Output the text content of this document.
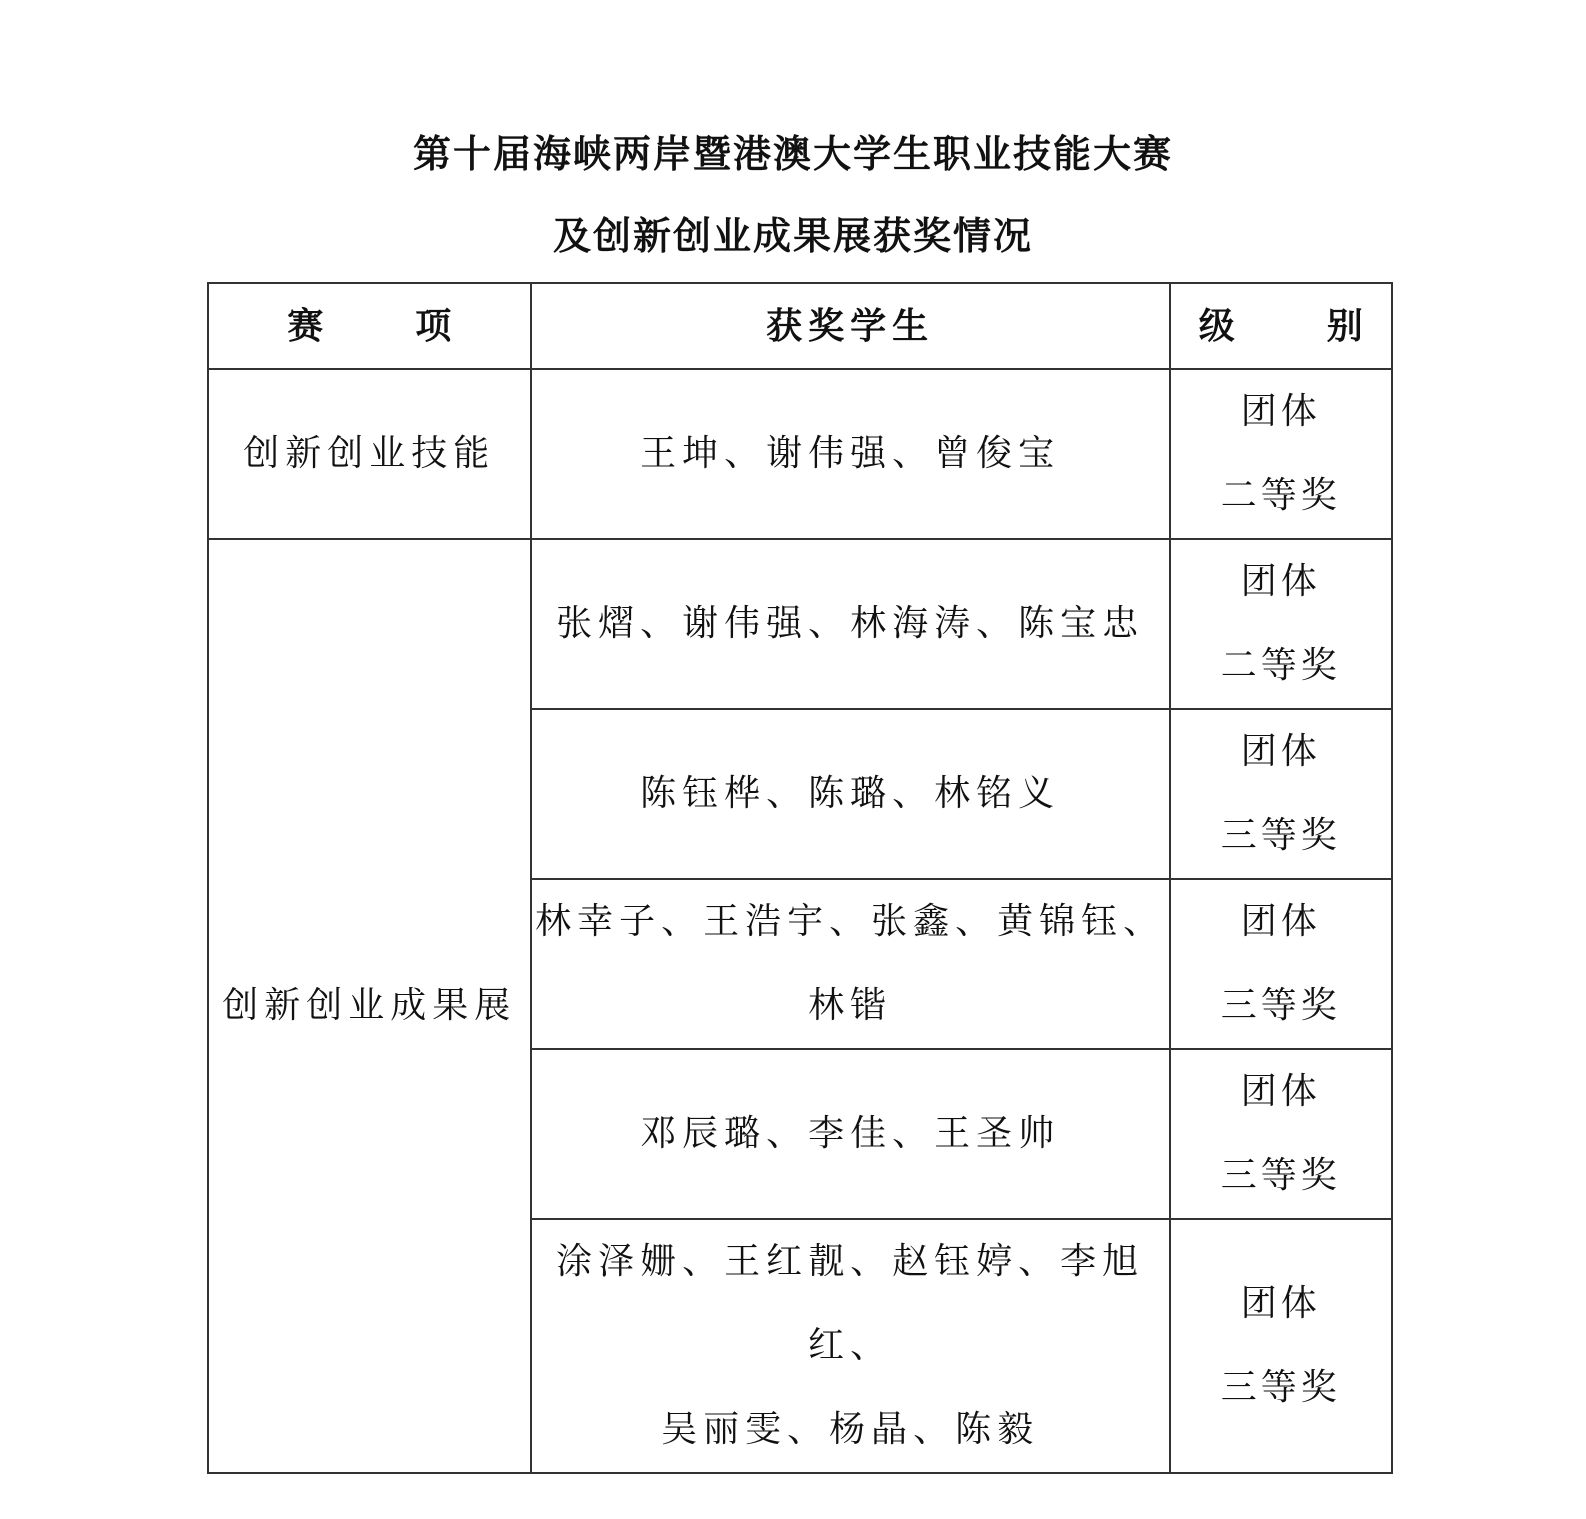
第十届海峡两岸暨港澳大学生职业技能大赛
及创新创业成果展获奖情况
赛　项	获奖学生	级　别

创新创业技能	王坤、谢伟强、曾俊宝	团体
二等奖

创新创业成果展	张熠、谢伟强、林海涛、陈宝忠	团体
二等奖

	陈钰桦、陈璐、林铭义	团体
三等奖

	林幸子、王浩宇、张鑫、黄锦钰、
林锴	团体
三等奖

	邓辰璐、李佳、王圣帅	团体
三等奖

	涂泽姗、王红靓、赵钰婷、李旭红、
吴丽雯、杨晶、陈毅	团体
三等奖
